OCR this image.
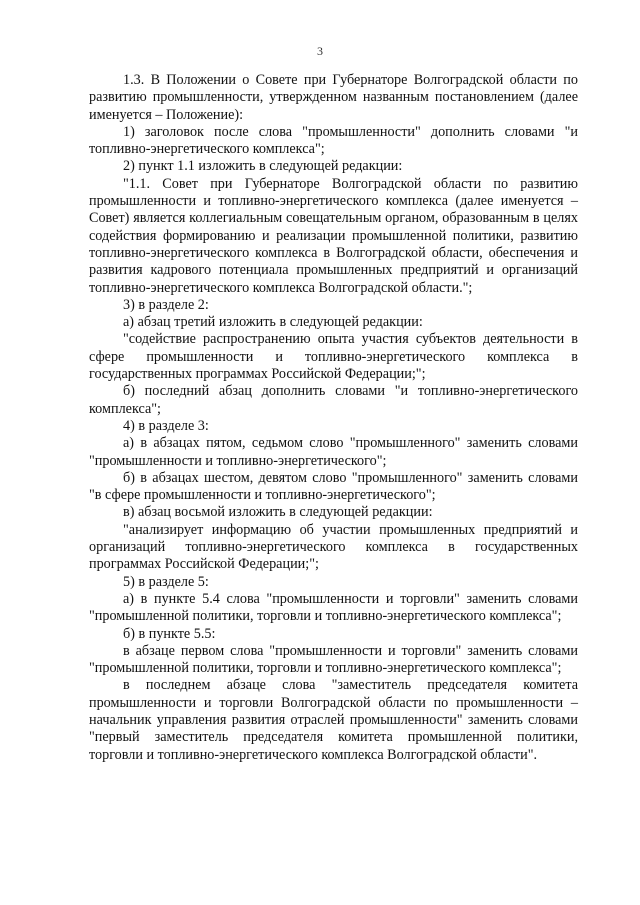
3

1.3. В Положении о Совете при Губернаторе Волгоградской области по развитию промышленности, утвержденном названным постановлением (далее именуется – Положение):

1) заголовок после слова "промышленности" дополнить словами "и топливно-энергетического комплекса";

2) пункт 1.1 изложить в следующей редакции:

"1.1. Совет при Губернаторе Волгоградской области по развитию промышленности и топливно-энергетического комплекса (далее именуется – Совет) является коллегиальным совещательным органом, образованным в целях содействия формированию и реализации промышленной политики, развитию топливно-энергетического комплекса в Волгоградской области, обеспечения и развития кадрового потенциала промышленных предприятий и организаций топливно-энергетического комплекса Волгоградской области.";

3) в разделе 2:

а) абзац третий изложить в следующей редакции:

"содействие распространению опыта участия субъектов деятельности в сфере промышленности и топливно-энергетического комплекса в государственных программах Российской Федерации;";

б) последний абзац дополнить словами "и топливно-энергетического комплекса";

4) в разделе 3:

а) в абзацах пятом, седьмом слово "промышленного" заменить словами "промышленности и топливно-энергетического";

б) в абзацах шестом, девятом слово "промышленного" заменить словами "в сфере промышленности и топливно-энергетического";

в) абзац восьмой изложить в следующей редакции:

"анализирует информацию об участии промышленных предприятий и организаций топливно-энергетического комплекса в государственных программах Российской Федерации;";

5) в разделе 5:

а) в пункте 5.4 слова "промышленности и торговли" заменить словами "промышленной политики, торговли и топливно-энергетического комплекса";

б) в пункте 5.5:

в абзаце первом слова "промышленности и торговли" заменить словами "промышленной политики, торговли и топливно-энергетического комплекса";

в последнем абзаце слова "заместитель председателя комитета промышленности и торговли Волгоградской области по промышленности – начальник управления развития отраслей промышленности" заменить словами "первый заместитель председателя комитета промышленной политики, торговли и топливно-энергетического комплекса Волгоградской области".
